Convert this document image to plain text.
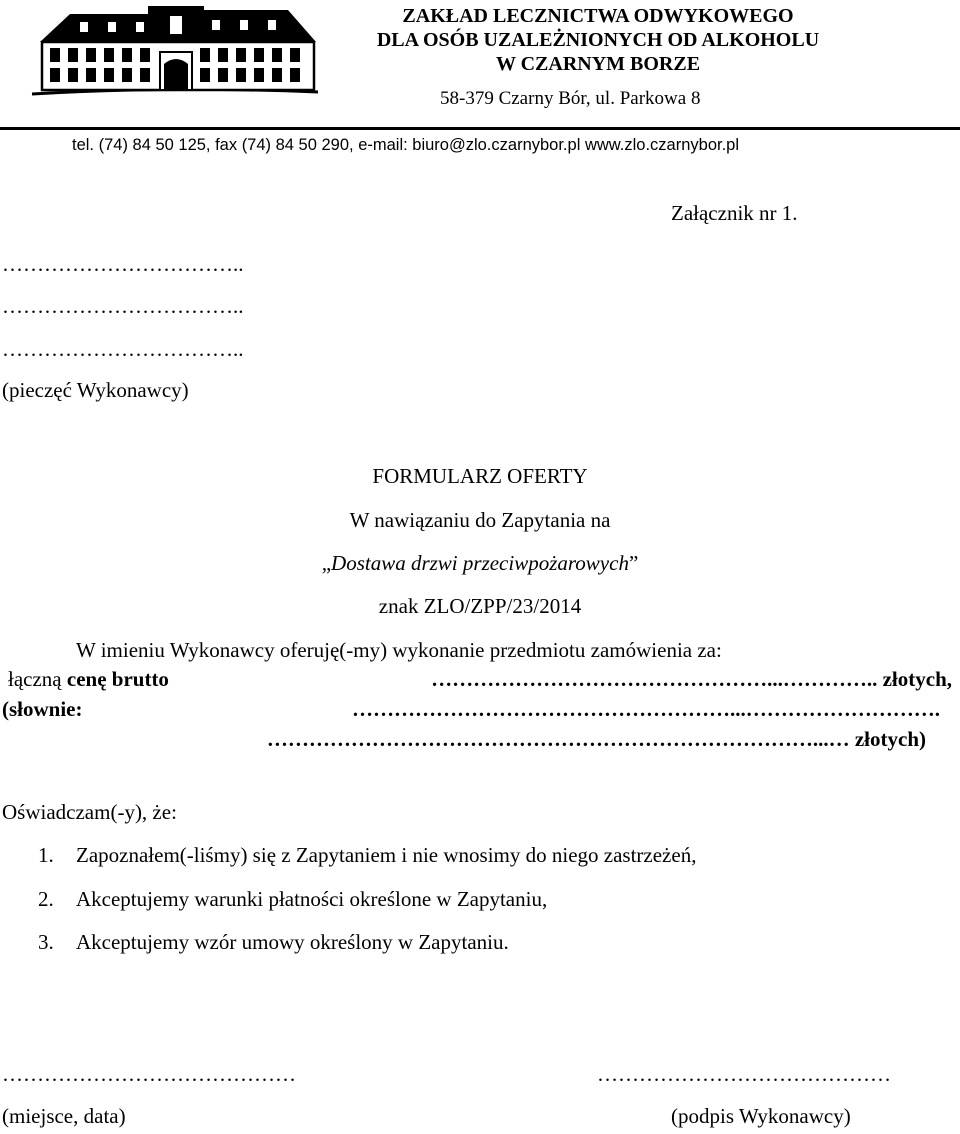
ZAKŁAD LECZNICTWA ODWYKOWEGO
DLA OSÓB UZALEŻNIONYCH OD ALKOHOLU
W CZARNYM BORZE
58-379 Czarny Bór, ul. Parkowa 8
tel. (74) 84 50 125, fax (74) 84 50 290, e-mail: biuro@zlo.czarnybor.pl www.zlo.czarnybor.pl
Załącznik nr 1.
……………………………..
……………………………..
……………………………..
(pieczęć Wykonawcy)
FORMULARZ OFERTY
W nawiązaniu do Zapytania na
„Dostawa drzwi przeciwpożarowych”
znak ZLO/ZPP/23/2014
W imieniu Wykonawcy oferuję(-my) wykonanie przedmiotu zamówienia za:
łączną cenę brutto	…………………………………………...………….. złotych,
(słownie:	………………………………………………...……………………….
……………………………………………………………………...… złotych)
Oświadczam(-y), że:
1. Zapoznałem(-liśmy) się z Zapytaniem i nie wnosimy do niego zastrzeżeń,
2. Akceptujemy warunki płatności określone w Zapytaniu,
3. Akceptujemy wzór umowy określony w Zapytaniu.
……………………………………
(miejsce, data)
……………………………………
(podpis Wykonawcy)
